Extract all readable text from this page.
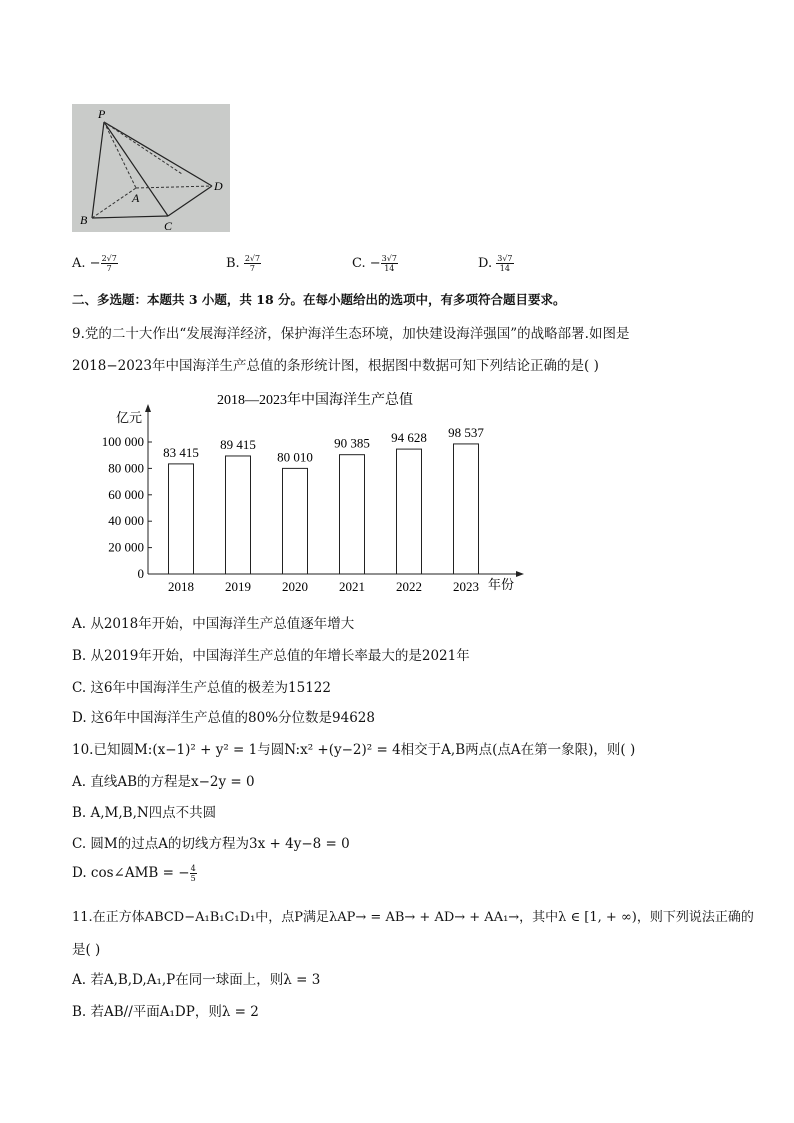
P
A
B	C
D
A. − $\frac{2√7}{7}$	B. $\frac{2√7}{7}$	C. − $\frac{3√7}{14}$	D. $\frac{3√7}{14}$
二、多选题：本题共 3 小题，共 18 分。在每小题给出的选项中，有多项符合题目要求。
9.党的二十大作出“发展海洋经济，保护海洋生态环境，加快建设海洋强国”的战略部署.如图是
2018−2023年中国海洋生产总值的条形统计图，根据图中数据可知下列结论正确的是( )
2018—2023年中国海洋生产总值
亿元
年份
0
20 000
40 000
60 000
80 000
100 000
83 415
2018
89 415
2019
80 010
2020
90 385
2021
94 628
2022
98 537
2023
A. 从2018年开始，中国海洋生产总值逐年增大
B. 从2019年开始，中国海洋生产总值的年增长率最大的是2021年
C. 这6年中国海洋生产总值的极差为15122
D. 这6年中国海洋生产总值的80%分位数是94628
10.已知圆M:(x−1)² + y² = 1与圆N:x² +(y−2)² = 4相交于A,B两点(点A在第一象限)，则( )
A. 直线AB的方程是x−2y = 0
B. A,M,B,N四点不共圆
C. 圆M的过点A的切线方程为3x + 4y−8 = 0
D. cos∠AMB = − $\frac{4}{5}$
11.在正方体ABCD−A₁B₁C₁D₁中，点P满足λAP→ = AB→ + AD→ + AA₁→，其中λ ∈ [1, + ∞)，则下列说法正确的
是( )
A. 若A,B,D,A₁,P在同一球面上，则λ = 3
B. 若AB//平面A₁DP，则λ = 2
